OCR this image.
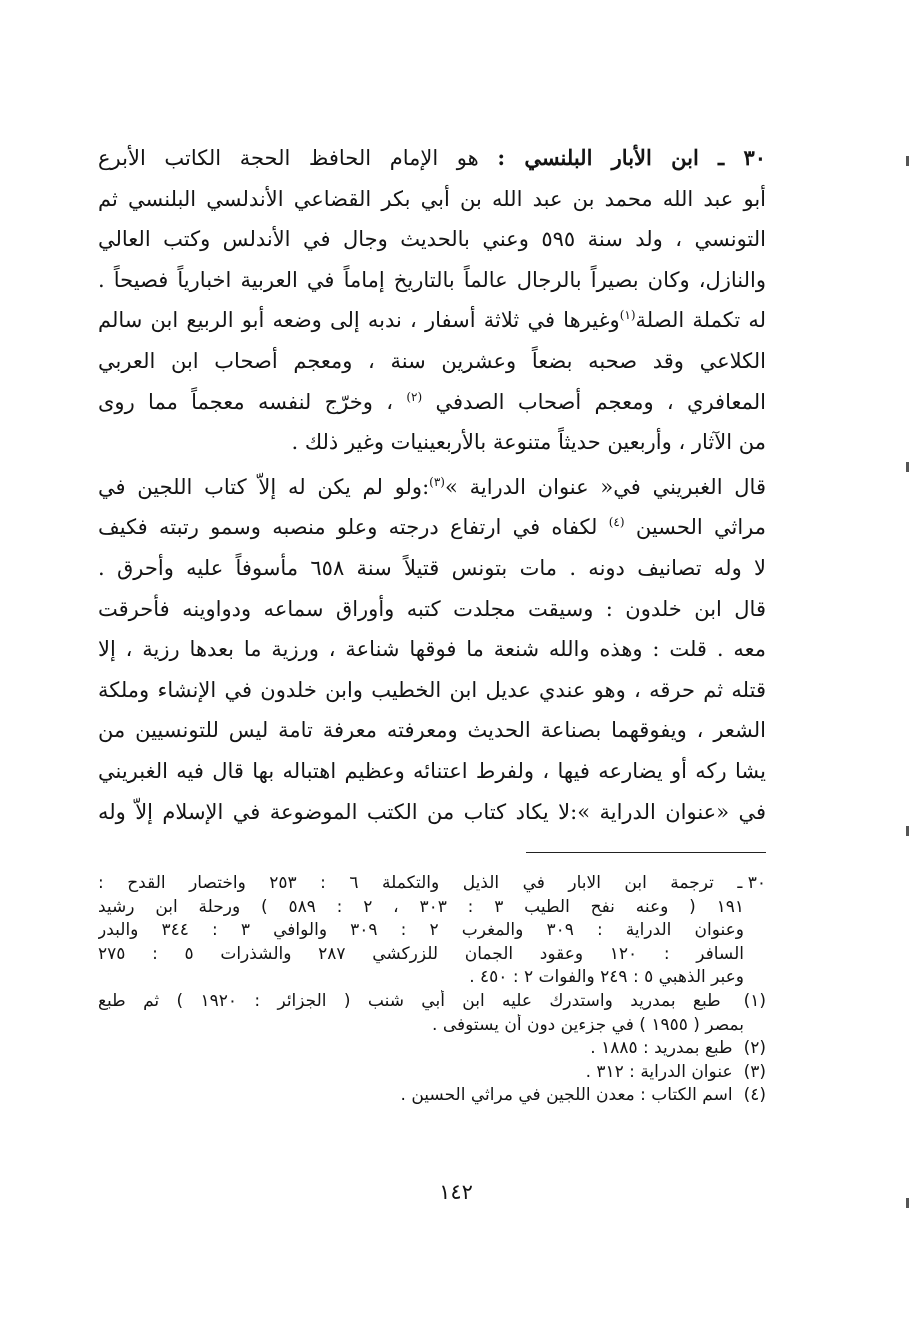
٣٠ ـ ابن الأبار البلنسي : هو الإمام الحافظ الحجة الكاتب الأبرع
أبو عبد الله محمد بن عبد الله بن أبي بكر القضاعي الأندلسي البلنسي ثم
التونسي ، ولد سنة ٥٩٥ وعني بالحديث وجال في الأندلس وكتب العالي
والنازل، وكان بصيراً بالرجال عالماً بالتاريخ إماماً في العربية اخبارياً فصيحاً .
له تكملة الصلة$^{(١)}$وغيرها في ثلاثة أسفار ، ندبه إلى وضعه أبو الربيع ابن سالم
الكلاعي وقد صحبه بضعاً وعشرين سنة ، ومعجم أصحاب ابن العربي
المعافري ، ومعجم أصحاب الصدفي $^{(٢)}$ ، وخرّج لنفسه معجماً مما روى
من الآثار ، وأربعين حديثاً متنوعة بالأربعينيات وغير ذلك .
قال الغبريني في« عنوان الدراية »$^{(٣)}$:ولو لم يكن له إلاّ كتاب اللجين في
مراثي الحسين $^{(٤)}$ لكفاه في ارتفاع درجته وعلو منصبه وسمو رتبته فكيف
لا وله تصانيف دونه . مات بتونس قتيلاً سنة ٦٥٨ مأسوفاً عليه وأحرق .
قال ابن خلدون : وسيقت مجلدت كتبه وأوراق سماعه ودواوينه فأحرقت
معه . قلت : وهذه والله شنعة ما فوقها شناعة ، ورزية ما بعدها رزية ، إلا
قتله ثم حرقه ، وهو عندي عديل ابن الخطيب وابن خلدون في الإنشاء وملكة
الشعر ، ويفوقهما بصناعة الحديث ومعرفته معرفة تامة ليس للتونسيين من
يشا ركه أو يضارعه فيها ، ولفرط اعتنائه وعظيم اهتباله بها قال فيه الغبريني
في «عنوان الدراية »:لا يكاد كتاب من الكتب الموضوعة في الإسلام إلاّ وله
٣٠ ـ ترجمة ابن الابار في الذيل والتكملة ٦ : ٢٥٣ واختصار القدح :
١٩١ ( وعنه نفح الطيب ٣ : ٣٠٣ ، ٢ : ٥٨٩ ) ورحلة ابن رشيد
وعنوان الدراية : ٣٠٩ والمغرب ٢ : ٣٠٩ والوافي ٣ : ٣٤٤ والبدر
السافر : ١٢٠ وعقود الجمان للزركشي ٢٨٧ والشذرات ٥ : ٢٧٥
وعبر الذهبي ٥ : ٢٤٩ والفوات ٢ : ٤٥٠ .
(١) طبع بمدريد واستدرك عليه ابن أبي شنب ( الجزائر : ١٩٢٠ ) ثم طبع
بمصر ( ١٩٥٥ ) في جزءين دون أن يستوفى .
(٢) طبع بمدريد : ١٨٨٥ .
(٣) عنوان الدراية : ٣١٢ .
(٤) اسم الكتاب : معدن اللجين في مراثي الحسين .
١٤٢
